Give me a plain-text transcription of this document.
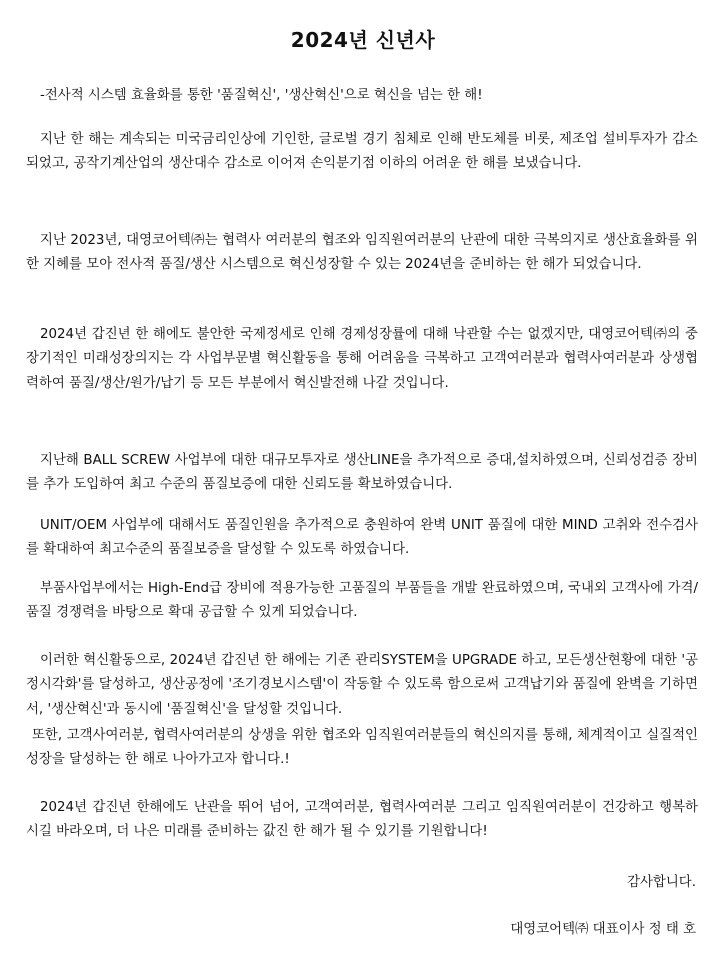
2024년 신년사

-전사적 시스템 효율화를 통한 '품질혁신', '생산혁신'으로 혁신을 넘는 한 해!

지난 한 해는 계속되는 미국금리인상에 기인한, 글로벌 경기 침체로 인해 반도체를 비롯, 제조업 설비투자가 감소되었고, 공작기계산업의 생산대수 감소로 이어져 손익분기점 이하의 어려운 한 해를 보냈습니다.

지난 2023년, 대영코어텍㈜는 협력사 여러분의 협조와 임직원여러분의 난관에 대한 극복의지로 생산효율화를 위한 지혜를 모아 전사적 품질/생산 시스템으로 혁신성장할 수 있는 2024년을 준비하는 한 해가 되었습니다.

2024년 갑진년 한 해에도 불안한 국제정세로 인해 경제성장률에 대해 낙관할 수는 없겠지만, 대영코어텍㈜의 중장기적인 미래성장의지는 각 사업부문별 혁신활동을 통해 어려움을 극복하고 고객여러분과 협력사여러분과 상생협력하여 품질/생산/원가/납기 등 모든 부분에서 혁신발전해 나갈 것입니다.

지난해 BALL SCREW 사업부에 대한 대규모투자로 생산LINE을 추가적으로 증대,설치하였으며, 신뢰성검증 장비를 추가 도입하여 최고 수준의 품질보증에 대한 신뢰도를 확보하였습니다.

UNIT/OEM 사업부에 대해서도 품질인원을 추가적으로 충원하여 완벽 UNIT 품질에 대한 MIND 고취와 전수검사를 확대하여 최고수준의 품질보증을 달성할 수 있도록 하였습니다.

부품사업부에서는 High-End급 장비에 적용가능한 고품질의 부품들을 개발 완료하였으며, 국내외 고객사에 가격/품질 경쟁력을 바탕으로 확대 공급할 수 있게 되었습니다.

이러한 혁신활동으로, 2024년 갑진년 한 해에는 기존 관리SYSTEM을 UPGRADE 하고, 모든생산현황에 대한 '공정시각화'를 달성하고, 생산공정에 '조기경보시스템'이 작동할 수 있도록 함으로써 고객납기와 품질에 완벽을 기하면서, '생산혁신'과 동시에 '품질혁신'을 달성할 것입니다.

또한, 고객사여러분, 협력사여러분의 상생을 위한 협조와 임직원여러분들의 혁신의지를 통해, 체계적이고 실질적인 성장을 달성하는 한 해로 나아가고자 합니다.!

2024년 갑진년 한해에도 난관을 뛰어 넘어, 고객여러분, 협력사여러분 그리고 임직원여러분이 건강하고 행복하시길 바라오며, 더 나은 미래를 준비하는 값진 한 해가 될 수 있기를 기원합니다!

감사합니다.

대영코어텍㈜ 대표이사 정 태 호
